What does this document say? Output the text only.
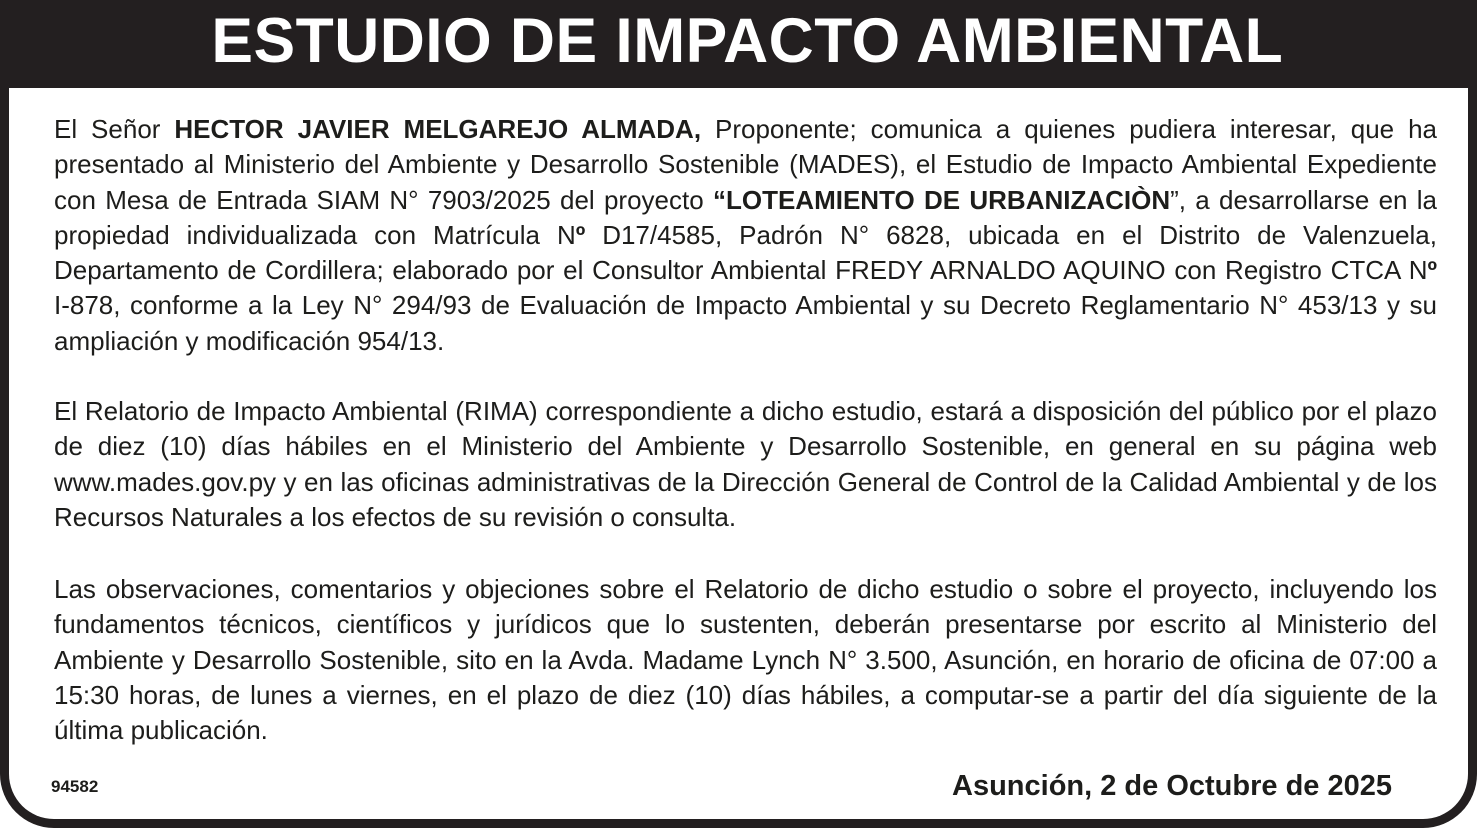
ESTUDIO DE IMPACTO AMBIENTAL

El Señor HECTOR JAVIER MELGAREJO ALMADA, Proponente; comunica a quienes pudiera interesar, que ha presentado al Ministerio del Ambiente y Desarrollo Sostenible (MADES), el Estudio de Impacto Ambiental Expediente con Mesa de Entrada SIAM N° 7903/2025 del proyecto “LOTEAMIENTO DE URBANIZACIÒN”, a desarrollarse en la propiedad individualizada con Matrícula Nº D17/4585, Padrón N° 6828, ubicada en el Distrito de Valenzuela, Departamento de Cordillera; elaborado por el Consultor Ambiental FREDY ARNALDO AQUINO con Registro CTCA Nº I-878, conforme a la Ley N° 294/93 de Evaluación de Impacto Ambiental y su Decreto Reglamentario N° 453/13 y su ampliación y modificación 954/13.

El Relatorio de Impacto Ambiental (RIMA) correspondiente a dicho estudio, estará a disposición del público por el plazo de diez (10) días hábiles en el Ministerio del Ambiente y Desarrollo Sostenible, en general en su página web www.mades.gov.py y en las oficinas administrativas de la Dirección General de Control de la Calidad Ambiental y de los Recursos Naturales a los efectos de su revisión o consulta.

Las observaciones, comentarios y objeciones sobre el Relatorio de dicho estudio o sobre el proyecto, incluyendo los fundamentos técnicos, científicos y jurídicos que lo sustenten, deberán presentarse por escrito al Ministerio del Ambiente y Desarrollo Sostenible, sito en la Avda. Madame Lynch N° 3.500, Asunción, en horario de oficina de 07:00 a 15:30 horas, de lunes a viernes, en el plazo de diez (10) días hábiles, a computar-se a partir del día siguiente de la última publicación.

94582	Asunción, 2 de Octubre de 2025
